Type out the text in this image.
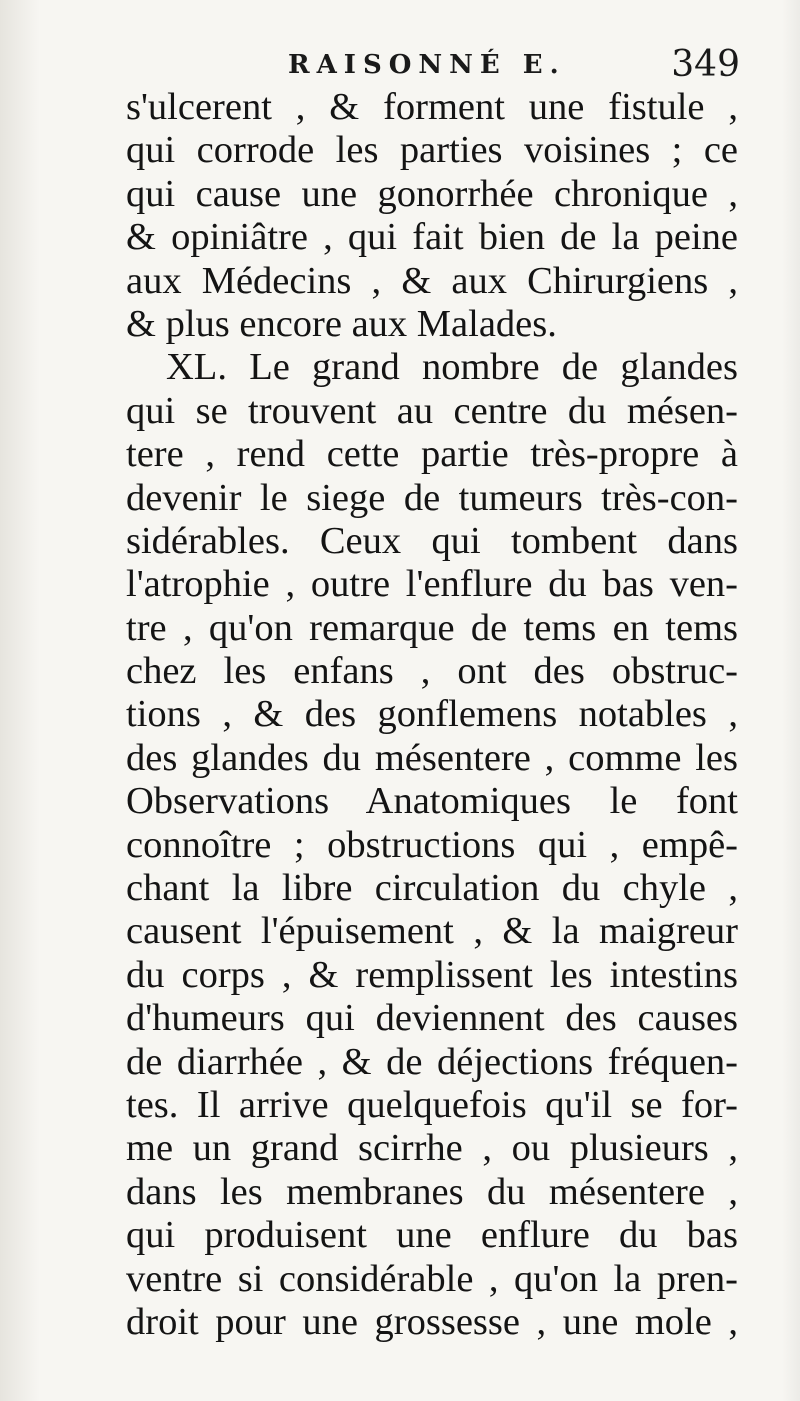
RAISONNÉ E.	349
s'ulcerent , & forment une fistule ,
qui corrode les parties voisines ; ce
qui cause une gonorrhée chronique ,
& opiniâtre , qui fait bien de la peine
aux Médecins , & aux Chirurgiens ,
& plus encore aux Malades.
XL. Le grand nombre de glandes
qui se trouvent au centre du mésen-
tere , rend cette partie très-propre à
devenir le siege de tumeurs très-con-
sidérables. Ceux qui tombent dans
l'atrophie , outre l'enflure du bas ven-
tre , qu'on remarque de tems en tems
chez les enfans , ont des obstruc-
tions , & des gonflemens notables ,
des glandes du mésentere , comme les
Observations Anatomiques le font
connoître ; obstructions qui , empê-
chant la libre circulation du chyle ,
causent l'épuisement , & la maigreur
du corps , & remplissent les intestins
d'humeurs qui deviennent des causes
de diarrhée , & de déjections fréquen-
tes. Il arrive quelquefois qu'il se for-
me un grand scirrhe , ou plusieurs ,
dans les membranes du mésentere ,
qui produisent une enflure du bas
ventre si considérable , qu'on la pren-
droit pour une grossesse , une mole ,
